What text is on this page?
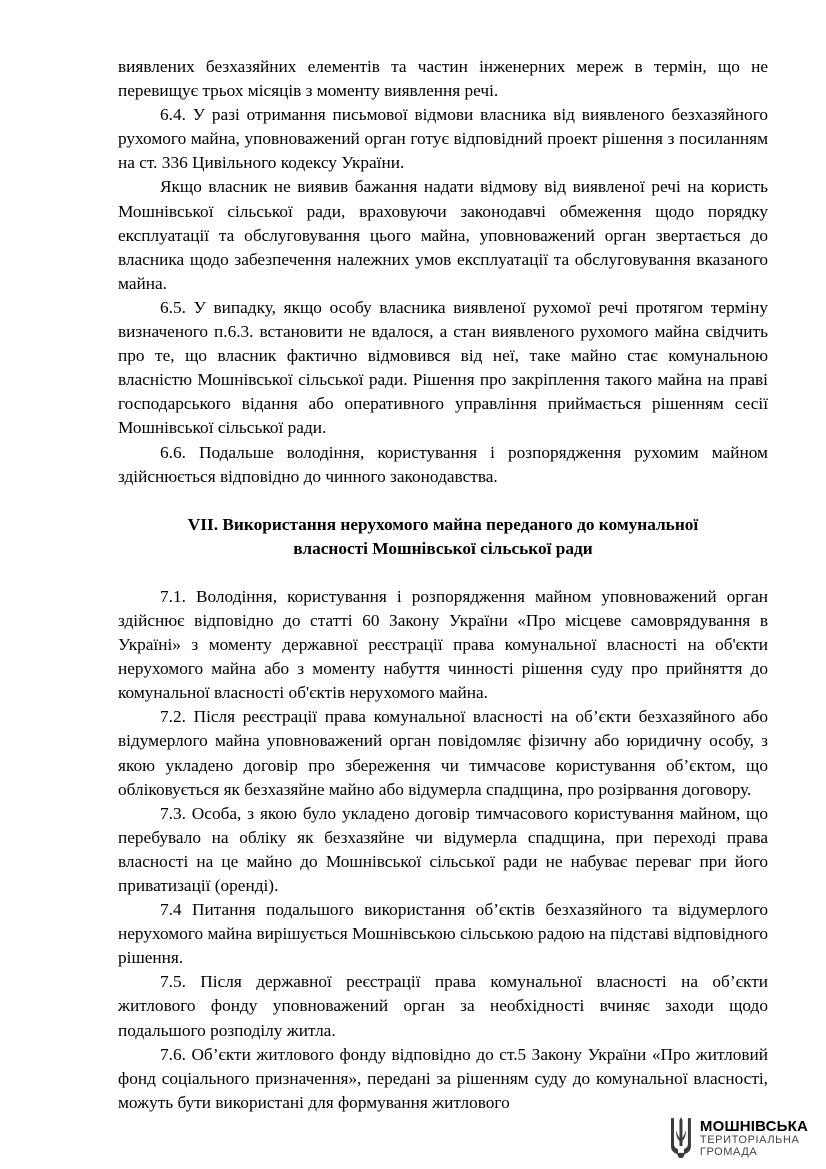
виявлених безхазяйних елементів та частин інженерних мереж в термін, що не перевищує трьох місяців з моменту виявлення речі.

6.4. У разі отримання письмової відмови власника від виявленого безхазяйного рухомого майна, уповноважений орган готує відповідний проект рішення з посиланням на ст. 336 Цивільного кодексу України.

Якщо власник не виявив бажання надати відмову від виявленої речі на користь Мошнівської сільської ради, враховуючи законодавчі обмеження щодо порядку експлуатації та обслуговування цього майна, уповноважений орган звертається до власника щодо забезпечення належних умов експлуатації та обслуговування вказаного майна.

6.5. У випадку, якщо особу власника виявленої рухомої речі протягом терміну визначеного п.6.3. встановити не вдалося, а стан виявленого рухомого майна свідчить про те, що власник фактично відмовився від неї, таке майно стає комунальною власністю Мошнівської сільської ради. Рішення про закріплення такого майна на праві господарського відання або оперативного управління приймається рішенням сесії Мошнівської сільської ради.

6.6. Подальше володіння, користування і розпорядження рухомим майном здійснюється відповідно до чинного законодавства.

VII. Використання нерухомого майна переданого до комунальної
власності Мошнівської сільської ради

7.1. Володіння, користування і розпорядження майном уповноважений орган здійснює відповідно до статті 60 Закону України «Про місцеве самоврядування в Україні» з моменту державної реєстрації права комунальної власності на об'єкти нерухомого майна або з моменту набуття чинності рішення суду про прийняття до комунальної власності об'єктів нерухомого майна.

7.2. Після реєстрації права комунальної власності на об’єкти безхазяйного або відумерлого майна уповноважений орган повідомляє фізичну або юридичну особу, з якою укладено договір про збереження чи тимчасове користування об’єктом, що обліковується як безхазяйне майно або відумерла спадщина, про розірвання договору.

7.3. Особа, з якою було укладено договір тимчасового користування майном, що перебувало на обліку як безхазяйне чи відумерла спадщина, при переході права власності на це майно до Мошнівської сільської ради не набуває переваг при його приватизації (оренді).

7.4 Питання подальшого використання об’єктів безхазяйного та відумерлого нерухомого майна вирішується Мошнівською сільською радою на підставі відповідного рішення.

7.5. Після державної реєстрації права комунальної власності на об’єкти житлового фонду уповноважений орган за необхідності вчиняє заходи щодо подальшого розподілу житла.

7.6. Об’єкти житлового фонду відповідно до ст.5 Закону України «Про житловий фонд соціального призначення», передані за рішенням суду до комунальної власності, можуть бути використані для формування житлового

МОШНІВСЬКА
ТЕРИТОРІАЛЬНА
ГРОМАДА
